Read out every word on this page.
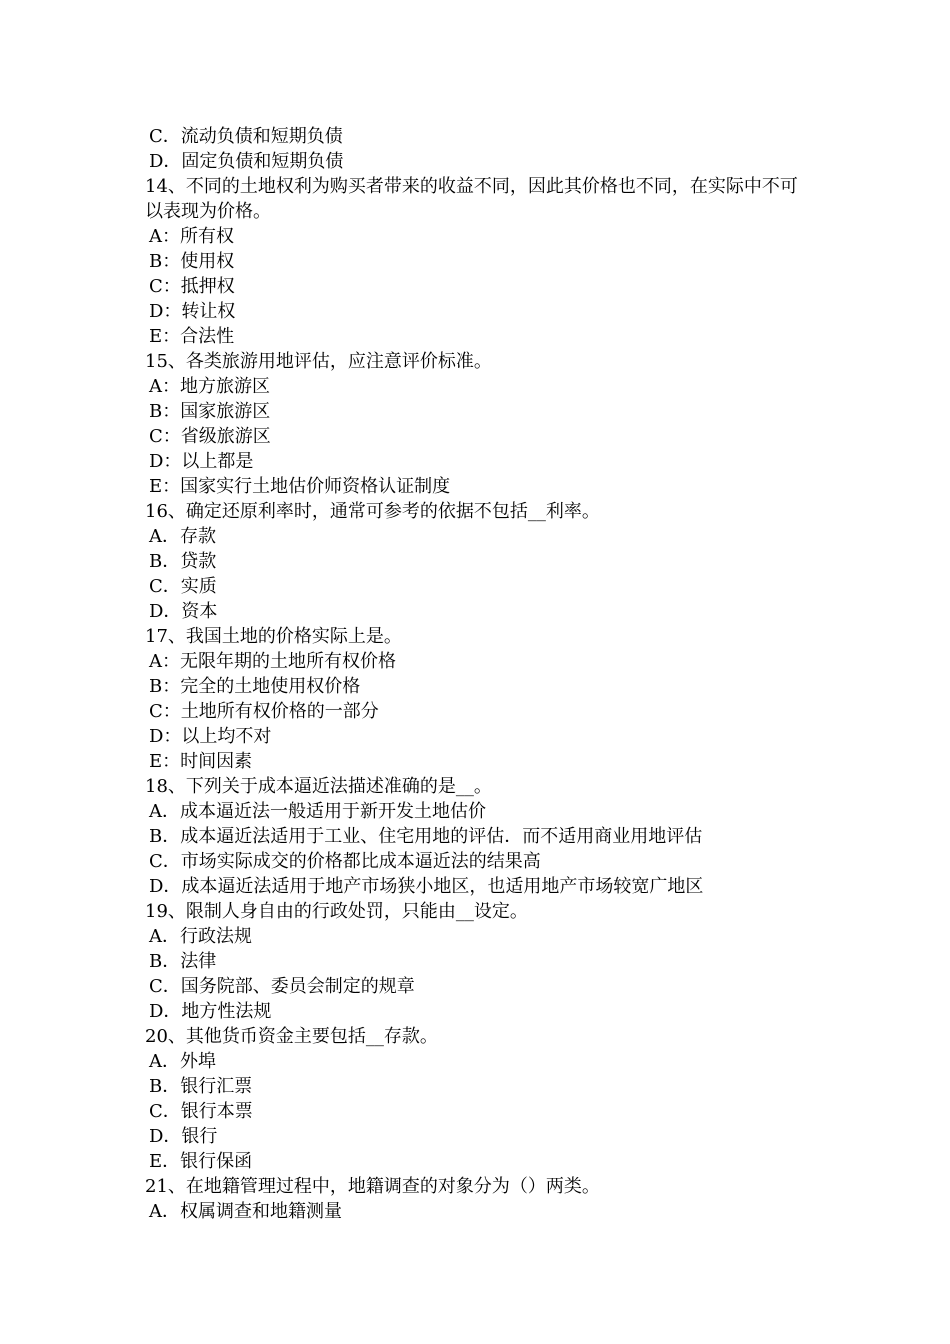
C．流动负债和短期负债
D．固定负债和短期负债
14、不同的土地权利为购买者带来的收益不同，因此其价格也不同，在实际中不可以表现为价格。
A：所有权
B：使用权
C：抵押权
D：转让权
E：合法性
15、各类旅游用地评估，应注意评价标准。
A：地方旅游区
B：国家旅游区
C：省级旅游区
D：以上都是
E：国家实行土地估价师资格认证制度
16、确定还原利率时，通常可参考的依据不包括__利率。
A．存款
B．贷款
C．实质
D．资本
17、我国土地的价格实际上是。
A：无限年期的土地所有权价格
B：完全的土地使用权价格
C：土地所有权价格的一部分
D：以上均不对
E：时间因素
18、下列关于成本逼近法描述准确的是__。
A．成本逼近法一般适用于新开发土地估价
B．成本逼近法适用于工业、住宅用地的评估．而不适用商业用地评估
C．市场实际成交的价格都比成本逼近法的结果高
D．成本逼近法适用于地产市场狭小地区，也适用地产市场较宽广地区
19、限制人身自由的行政处罚，只能由__设定。
A．行政法规
B．法律
C．国务院部、委员会制定的规章
D．地方性法规
20、其他货币资金主要包括__存款。
A．外埠
B．银行汇票
C．银行本票
D．银行
E．银行保函
21、在地籍管理过程中，地籍调查的对象分为（）两类。
A．权属调查和地籍测量
